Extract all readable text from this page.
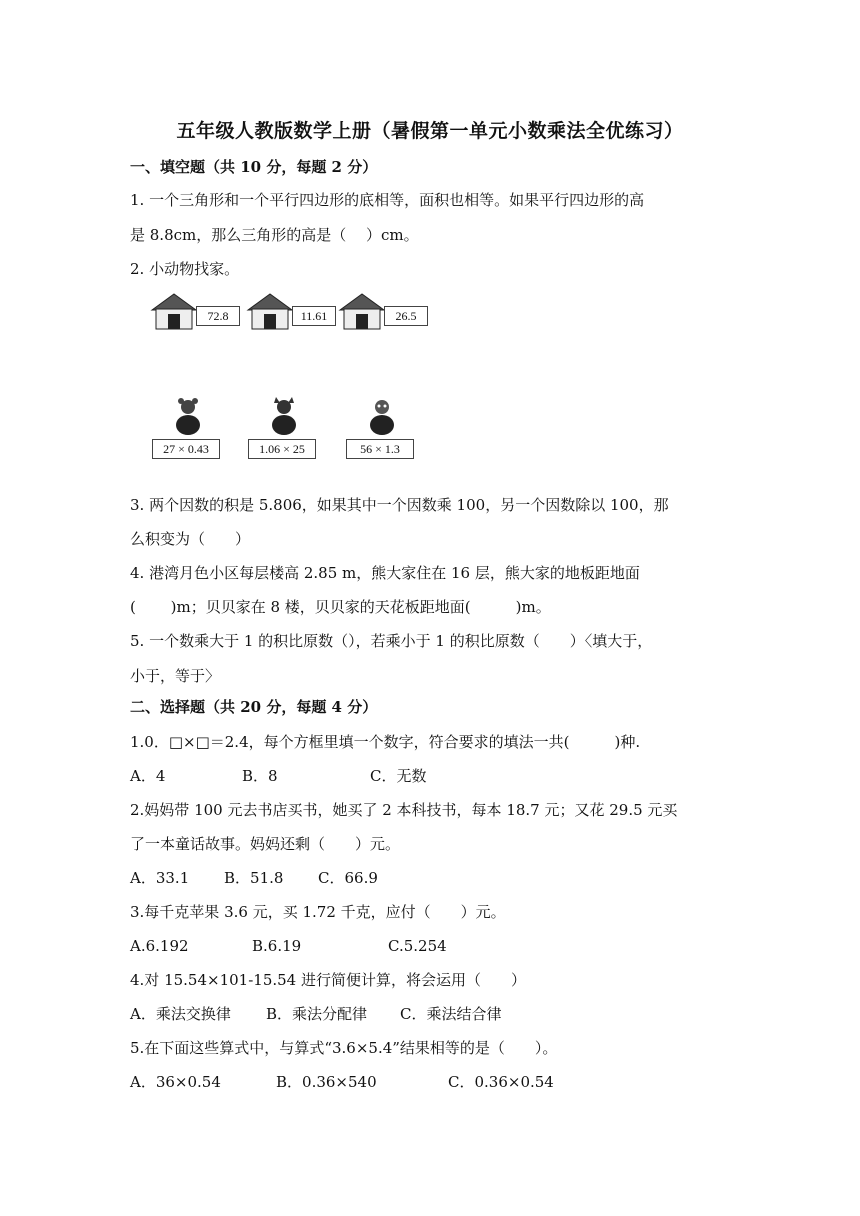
五年级人教版数学上册（暑假第一单元小数乘法全优练习）
一、填空题（共 10 分，每题 2 分）
1. 一个三角形和一个平行四边形的底相等，面积也相等。如果平行四边形的高
是 8.8cm，那么三角形的高是（　 ）cm。
2. 小动物找家。
72.8	11.61	26.5
27 × 0.43	1.06 × 25	56 × 1.3
3. 两个因数的积是 5.806，如果其中一个因数乘 100，另一个因数除以 100，那
么积变为（　　）
4. 港湾月色小区每层楼高 2.85 m，熊大家住在 16 层，熊大家的地板距地面
(　　 )m；贝贝家在 8 楼，贝贝家的天花板距地面(　　　)m。
5. 一个数乘大于 1 的积比原数（），若乘小于 1 的积比原数（　　）〈填大于，
小于，等于〉
二、选择题（共 20 分，每题 4 分）
1.0．□×□＝2.4，每个方框里填一个数字，符合要求的填法一共(　　　)种.
A．4	B．8	C．无数
2.妈妈带 100 元去书店买书，她买了 2 本科技书，每本 18.7 元；又花 29.5 元买
了一本童话故事。妈妈还剩（　　）元。
A．33.1 B．51.8 C．66.9
3.每千克苹果 3.6 元，买 1.72 千克，应付（　　）元。
A.6.192	B.6.19	C.5.254
4.对 15.54×101-15.54 进行简便计算，将会运用（　　）
A．乘法交换律 B．乘法分配律 C．乘法结合律
5.在下面这些算式中，与算式“3.6×5.4”结果相等的是（　　）。
A．36×0.54	B．0.36×540	C．0.36×0.54
